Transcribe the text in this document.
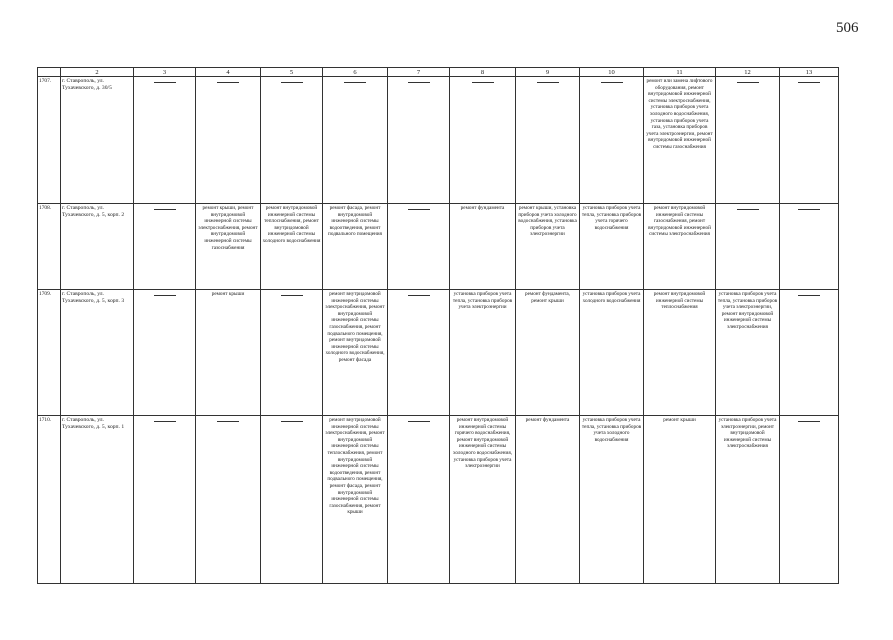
506
	2	3	4	5	6	7	8	9	10	11	12	13
1707.	г. Ставрополь, ул. Тухачевского, д. 30/5									ремонт или замена лифтового оборудования, ремонт внутридомовой инженерной системы электроснабжения, установка приборов учета холодного водоснабжения, установка приборов учета газа, установка приборов учета электроэнергии, ремонт внутридомовой инженерной системы газоснабжения		
1708.	г. Ставрополь, ул. Тухачевского, д. 5, корп. 2		ремонт крыши, ремонт внутридомовой инженерной системы электроснабжения, ремонт внутридомовой инженерной системы газоснабжения	ремонт внутридомовой инженерной системы теплоснабжения, ремонт внутридомовой инженерной системы холодного водоснабжения	ремонт фасада, ремонт внутридомовой инженерной системы водоотведения, ремонт подвального помещения		ремонт фундамента	ремонт крыши, установка приборов учета холодного водоснабжения, установка приборов учета электроэнергии	установка приборов учета тепла, установка приборов учета горячего водоснабжения	ремонт внутридомовой инженерной системы газоснабжения, ремонт внутридомовой инженерной системы электроснабжения		
1709.	г. Ставрополь, ул. Тухачевского, д. 5, корп. 3		ремонт крыши		ремонт внутридомовой инженерной системы электроснабжения, ремонт внутридомовой инженерной системы газоснабжения, ремонт подвального помещения, ремонт внутридомовой инженерной системы холодного водоснабжения, ремонт фасада		установка приборов учета тепла, установка приборов учета электроэнергии	ремонт фундамента, ремонт крыши	установка приборов учета холодного водоснабжения	ремонт внутридомовой инженерной системы теплоснабжения	установка приборов учета тепла, установка приборов учета электроэнергии, ремонт внутридомовой инженерной системы электроснабжения	
1710.	г. Ставрополь, ул. Тухачевского, д. 5, корп. 1				ремонт внутридомовой инженерной системы электроснабжения, ремонт внутридомовой инженерной системы теплоснабжения, ремонт внутридомовой инженерной системы водоотведения, ремонт подвального помещения, ремонт фасада, ремонт внутридомовой инженерной системы газоснабжения, ремонт крыши		ремонт внутридомовой инженерной системы горячего водоснабжения, ремонт внутридомовой инженерной системы холодного водоснабжения, установка приборов учета электроэнергии	ремонт фундамента	установка приборов учета тепла, установка приборов учета холодного водоснабжения	ремонт крыши	установка приборов учета электроэнергии, ремонт внутридомовой инженерной системы электроснабжения	
